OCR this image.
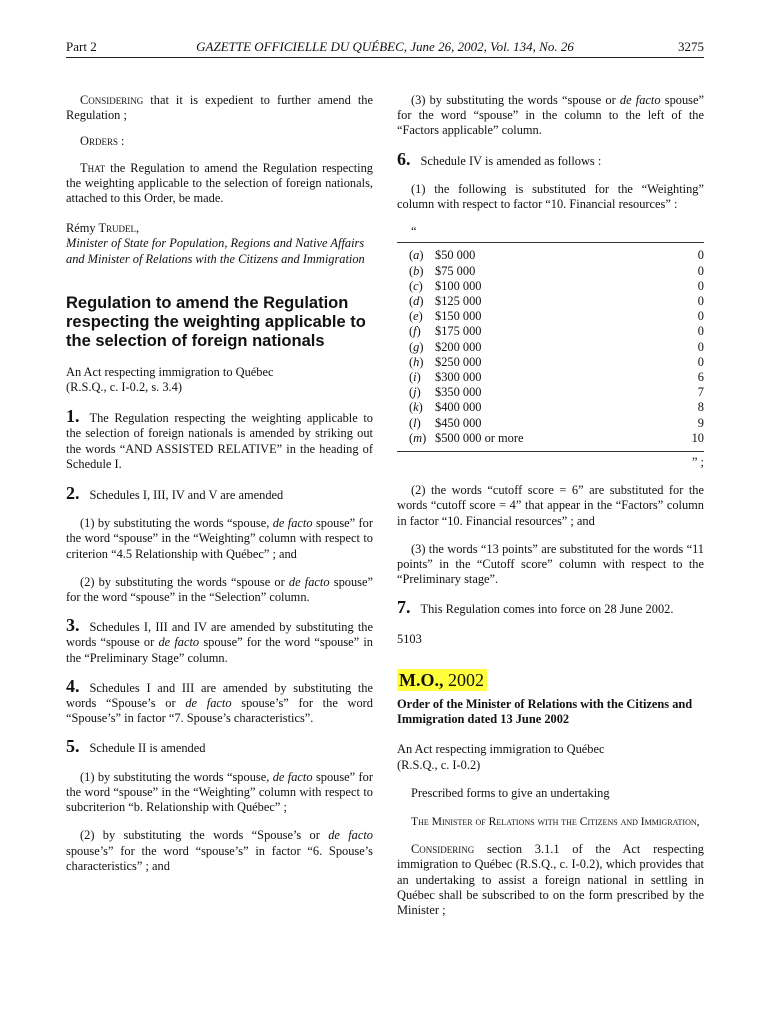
Part 2	GAZETTE OFFICIELLE DU QUÉBEC, June 26, 2002, Vol. 134, No. 26	3275

Considering that it is expedient to further amend the Regulation ;

Orders :

That the Regulation to amend the Regulation respecting the weighting applicable to the selection of foreign nationals, attached to this Order, be made.

Rémy Trudel,

Minister of State for Population, Regions and Native Affairs and Minister of Relations with the Citizens and Immigration

Regulation to amend the Regulation respecting the weighting applicable to the selection of foreign nationals

An Act respecting immigration to Québec

(R.S.Q., c. I-0.2, s. 3.4)

1. The Regulation respecting the weighting applicable to the selection of foreign nationals is amended by striking out the words “AND ASSISTED RELATIVE” in the heading of Schedule I.

2. Schedules I, III, IV and V are amended

(1) by substituting the words “spouse, de facto spouse” for the word “spouse” in the “Weighting” column with respect to criterion “4.5 Relationship with Québec” ; and

(2) by substituting the words “spouse or de facto spouse” for the word “spouse” in the “Selection” column.

3. Schedules I, III and IV are amended by substituting the words “spouse or de facto spouse” for the word “spouse” in the “Preliminary Stage” column.

4. Schedules I and III are amended by substituting the words “Spouse’s or de facto spouse’s” for the word “Spouse’s” in factor “7. Spouse’s characteristics”.

5. Schedule II is amended

(1) by substituting the words “spouse, de facto spouse” for the word “spouse” in the “Weighting” column with respect to subcriterion “b. Relationship with Québec” ;

(2) by substituting the words “Spouse’s or de facto spouse’s” for the word “spouse’s” in factor “6. Spouse’s characteristics” ; and

(3) by substituting the words “spouse or de facto spouse” for the word “spouse” in the column to the left of the “Factors applicable” column.

6. Schedule IV is amended as follows :

(1) the following is substituted for the “Weighting” column with respect to factor “10. Financial resources” :

“

(a)	$50 000	0
(b)	$75 000	0
(c)	$100 000	0
(d)	$125 000	0
(e)	$150 000	0
(f)	$175 000	0
(g)	$200 000	0
(h)	$250 000	0
(i)	$300 000	6
(j)	$350 000	7
(k)	$400 000	8
(l)	$450 000	9
(m)	$500 000 or more	10

” ;

(2) the words “cutoff score = 6” are substituted for the words “cutoff score = 4” that appear in the “Factors” column in factor “10. Financial resources” ; and

(3) the words “13 points” are substituted for the words “11 points” in the “Cutoff score” column with respect to the “Preliminary stage”.

7. This Regulation comes into force on 28 June 2002.

5103

M.O., 2002

Order of the Minister of Relations with the Citizens and Immigration dated 13 June 2002

An Act respecting immigration to Québec

(R.S.Q., c. I-0.2)

Prescribed forms to give an undertaking

The Minister of Relations with the Citizens and Immigration,

Considering section 3.1.1 of the Act respecting immigration to Québec (R.S.Q., c. I-0.2), which provides that an undertaking to assist a foreign national in settling in Québec shall be subscribed to on the form prescribed by the Minister ;
